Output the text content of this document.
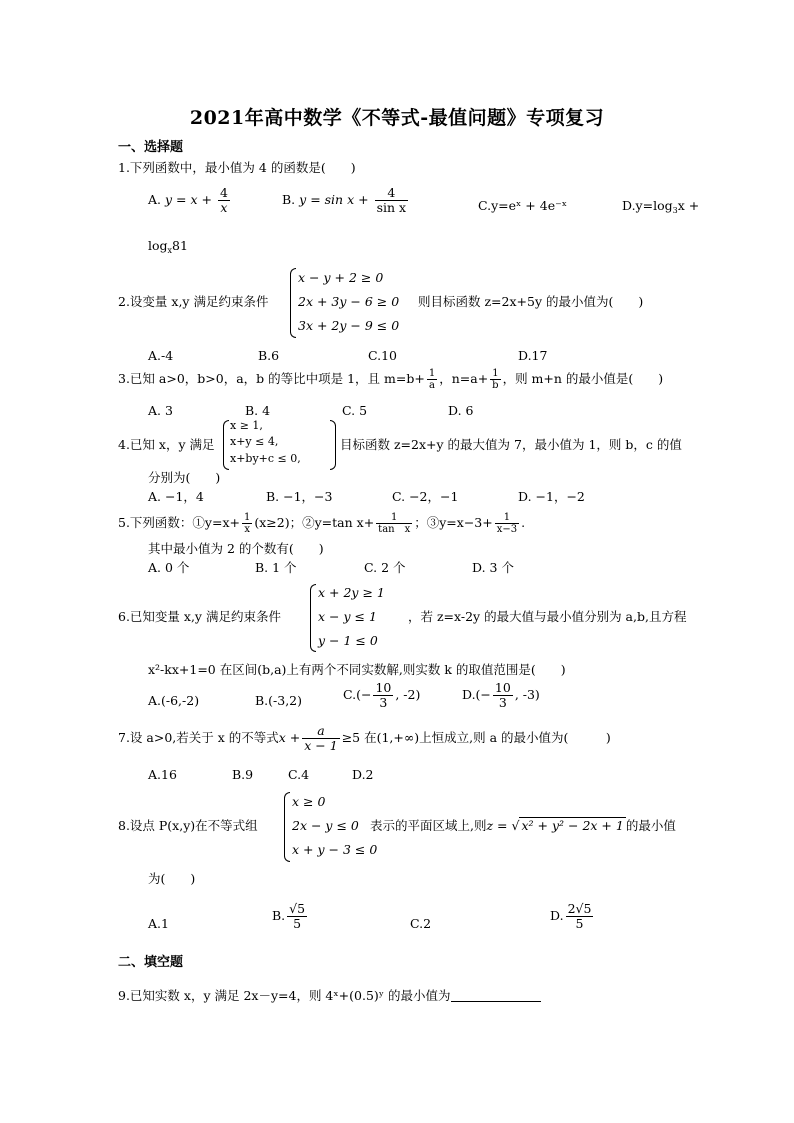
2021年高中数学《不等式-最值问题》专项复习
一、选择题
1.下列函数中，最小值为 4 的函数是(　　)
A. $y = x + \frac{4}{x}$	B. $y = \sin x + \frac{4}{\text{sin x}}$	C.y=eˣ + 4e⁻ˣ	$D.y=\log_3x$ +
$\log_x81$
2.设变量 x,y 满足约束条件
x − y + 2 ≥ 0
2x + 3y − 6 ≥ 0
3x + 2y − 9 ≤ 0
则目标函数 z=2x+5y 的最小值为(　　)
A.-4	B.6	C.10	D.17
3.已知 a>0，b>0，a，b 的等比中项是 1，且 $m=b+ \frac{1}{a}$ ，$n=a+ \frac{1}{b}$ ，则 m+n 的最小值是(　　)
A. 3	B. 4	C. 5	D. 6
4.已知 x，y 满足
x ≥ 1,
x+y ≤ 4,
x+by+c ≤ 0,
目标函数 z=2x+y 的最大值为 7，最小值为 1，则 b，c 的值
分别为(　　)
A. −1，4	B. −1，−3	C. −2，−1	D. −1，−2
5.下列函数：①y=x+ $\frac{1}{x} (x\ge 2)$；②y=tan $x+ \frac{1}{\text{tan　x}}$ ；③y=x−3+ $\frac{1}{x-3}$ .
其中最小值为 2 的个数有(　　)
A. 0 个	B. 1 个	C. 2 个	D. 3 个
6.已知变量 x,y 满足约束条件
x + 2y ≥ 1
x − y ≤ 1
y − 1 ≤ 0
，若 z=x-2y 的最大值与最小值分别为 a,b,且方程
x²-kx+1=0 在区间(b,a)上有两个不同实数解,则实数 k 的取值范围是(　　)
A.(-6,-2)	B.(-3,2)	$C.(- \frac{10}{3}$ , -2)	$D.(- \frac{10}{3}$ , -3)
7.设 a>0,若关于 x 的不等式$x + \frac{a}{x - 1} \ge 5$ 在(1,+∞)上恒成立,则 a 的最小值为(　　　)
A.16	B.9	C.4	D.2
8.设点 P(x,y)在不等式组
x ≥ 0
2x − y ≤ 0
x + y − 3 ≤ 0
表示的平面区域上,则z = √ x² + y² − 2x + 1 的最小值
为(　　)
A.1
B. $\frac{√5}{5}$	C.2
D. $\frac{2√5}{5}$
二、填空题
9.已知实数 x，y 满足 2x－y=4，则 4ˣ+(0.5)ʸ 的最小值为
